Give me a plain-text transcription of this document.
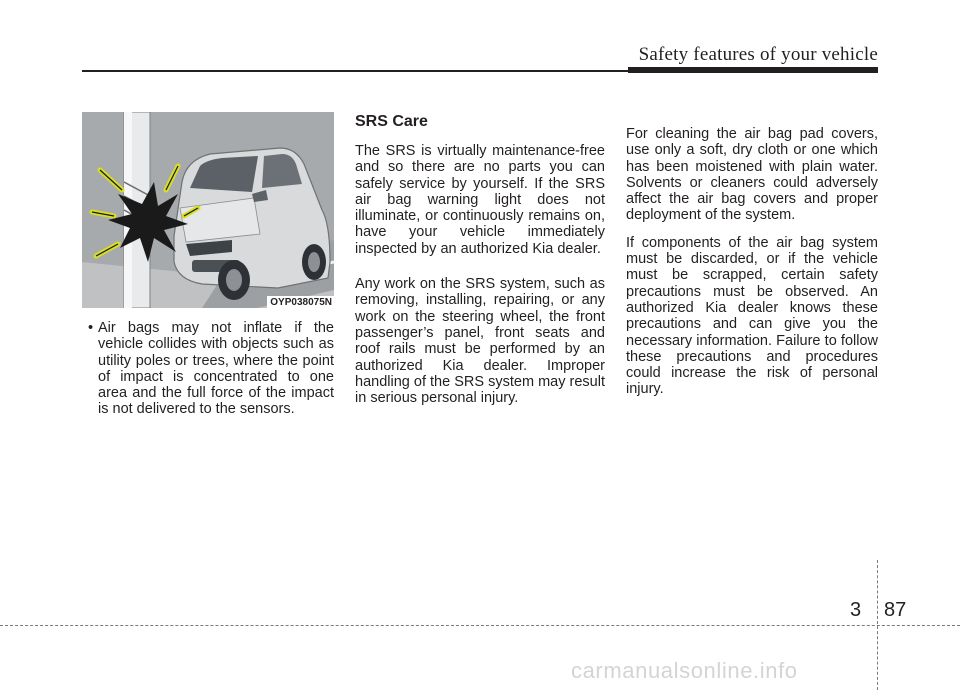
Safety features of your vehicle
OYP038075N

• Air bags may not inflate if the vehicle collides with objects such as utility poles or trees, where the point of impact is concentrated to one area and the full force of the impact is not delivered to the sensors.

SRS Care

The SRS is virtually maintenance-free and so there are no parts you can safely service by yourself. If the SRS air bag warning light does not illuminate, or continuously remains on, have your vehicle immediately inspected by an authorized Kia dealer.

Any work on the SRS system, such as removing, installing, repairing, or any work on the steering wheel, the front passenger’s panel, front seats and roof rails must be performed by an authorized Kia dealer. Improper handling of the SRS system may result in serious personal injury.

For cleaning the air bag pad covers, use only a soft, dry cloth or one which has been moistened with plain water. Solvents or cleaners could adversely affect the air bag covers and proper deployment of the system.

If components of the air bag system must be discarded, or if the vehicle must be scrapped, certain safety precautions must be observed. An authorized Kia dealer knows these precautions and can give you the necessary information. Failure to follow these precautions and procedures could increase the risk of personal injury.

3 87
carmanualsonline.info
